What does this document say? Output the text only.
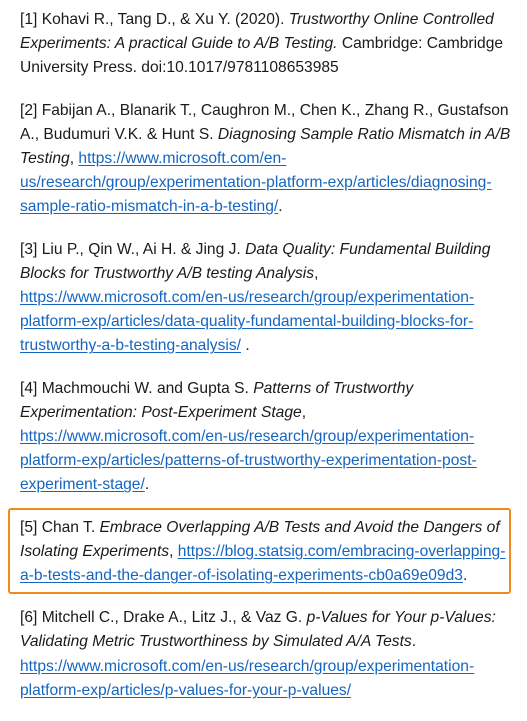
[1] Kohavi R., Tang D., & Xu Y. (2020). Trustworthy Online Controlled Experiments: A practical Guide to A/B Testing. Cambridge: Cambridge University Press. doi:10.1017/9781108653985

[2] Fabijan A., Blanarik T., Caughron M., Chen K., Zhang R., Gustafson A., Budumuri V.K. & Hunt S. Diagnosing Sample Ratio Mismatch in A/B Testing, https://www.microsoft.com/en-us/research/group/experimentation-platform-exp/articles/diagnosing-sample-ratio-mismatch-in-a-b-testing/.

[3] Liu P., Qin W., Ai H. & Jing J. Data Quality: Fundamental Building Blocks for Trustworthy A/B testing Analysis, https://www.microsoft.com/en-us/research/group/experimentation-platform-exp/articles/data-quality-fundamental-building-blocks-for-trustworthy-a-b-testing-analysis/ .

[4] Machmouchi W. and Gupta S. Patterns of Trustworthy Experimentation: Post-Experiment Stage, https://www.microsoft.com/en-us/research/group/experimentation-platform-exp/articles/patterns-of-trustworthy-experimentation-post-experiment-stage/.

[5] Chan T. Embrace Overlapping A/B Tests and Avoid the Dangers of Isolating Experiments, https://blog.statsig.com/embracing-overlapping-a-b-tests-and-the-danger-of-isolating-experiments-cb0a69e09d3.

[6] Mitchell C., Drake A., Litz J., & Vaz G. p-Values for Your p-Values: Validating Metric Trustworthiness by Simulated A/A Tests. https://www.microsoft.com/en-us/research/group/experimentation-platform-exp/articles/p-values-for-your-p-values/
